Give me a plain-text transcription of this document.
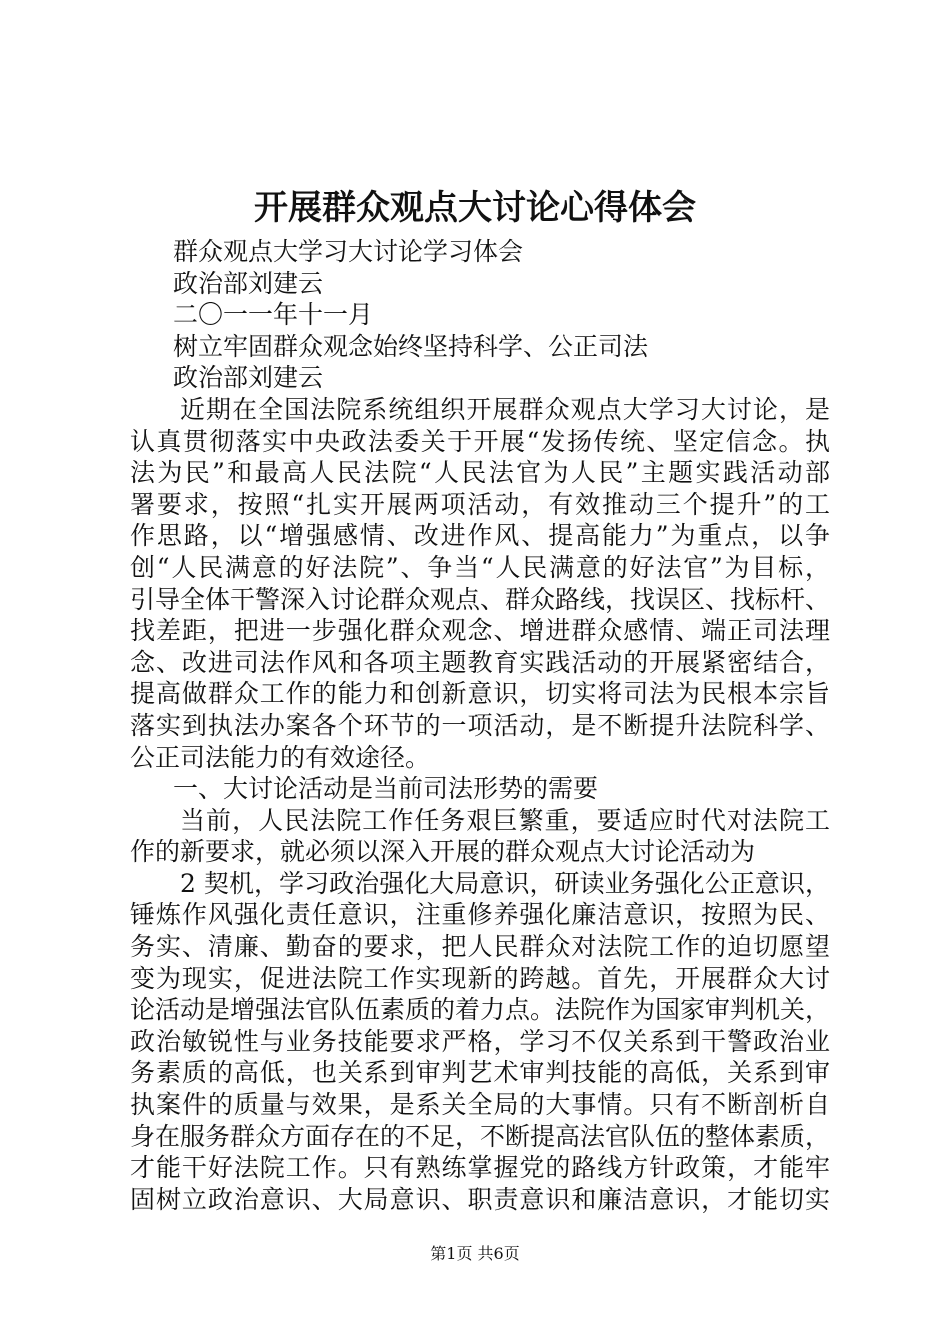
开展群众观点大讨论心得体会
群众观点大学习大讨论学习体会
政治部刘建云
二〇一一年十一月
树立牢固群众观念始终坚持科学、公正司法
政治部刘建云
近期在全国法院系统组织开展群众观点大学习大讨论，是
认真贯彻落实中央政法委关于开展“发扬传统、坚定信念。执
法为民”和最高人民法院“人民法官为人民”主题实践活动部
署要求，按照“扎实开展两项活动，有效推动三个提升”的工
作思路，以“增强感情、改进作风、提高能力”为重点，以争
创“人民满意的好法院”、争当“人民满意的好法官”为目标，
引导全体干警深入讨论群众观点、群众路线，找误区、找标杆、
找差距，把进一步强化群众观念、增进群众感情、端正司法理
念、改进司法作风和各项主题教育实践活动的开展紧密结合，
提高做群众工作的能力和创新意识，切实将司法为民根本宗旨
落实到执法办案各个环节的一项活动，是不断提升法院科学、
公正司法能力的有效途径。
一、大讨论活动是当前司法形势的需要
当前，人民法院工作任务艰巨繁重，要适应时代对法院工
作的新要求，就必须以深入开展的群众观点大讨论活动为
2 契机，学习政治强化大局意识，研读业务强化公正意识，
锤炼作风强化责任意识，注重修养强化廉洁意识，按照为民、
务实、清廉、勤奋的要求，把人民群众对法院工作的迫切愿望
变为现实，促进法院工作实现新的跨越。首先，开展群众大讨
论活动是增强法官队伍素质的着力点。法院作为国家审判机关，
政治敏锐性与业务技能要求严格，学习不仅关系到干警政治业
务素质的高低，也关系到审判艺术审判技能的高低，关系到审
执案件的质量与效果，是系关全局的大事情。只有不断剖析自
身在服务群众方面存在的不足，不断提高法官队伍的整体素质，
才能干好法院工作。只有熟练掌握党的路线方针政策，才能牢
固树立政治意识、大局意识、职责意识和廉洁意识，才能切实
第1页 共6页
